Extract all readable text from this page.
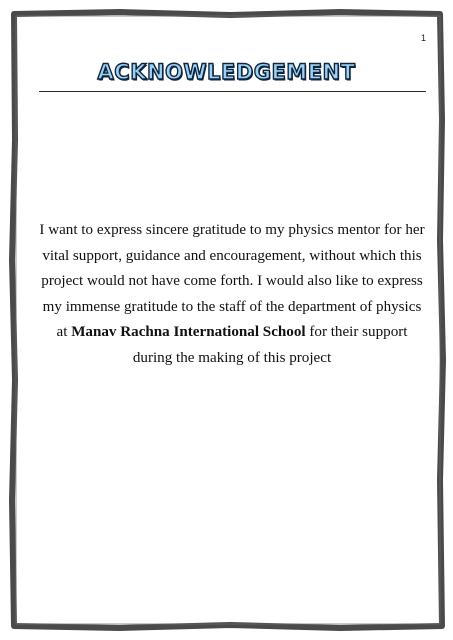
1
ACKNOWLEDGEMENT

I want to express sincere gratitude to my physics mentor for her vital support, guidance and encouragement, without which this project would not have come forth. I would also like to express my immense gratitude to the staff of the department of physics at Manav Rachna International School for their support during the making of this project
